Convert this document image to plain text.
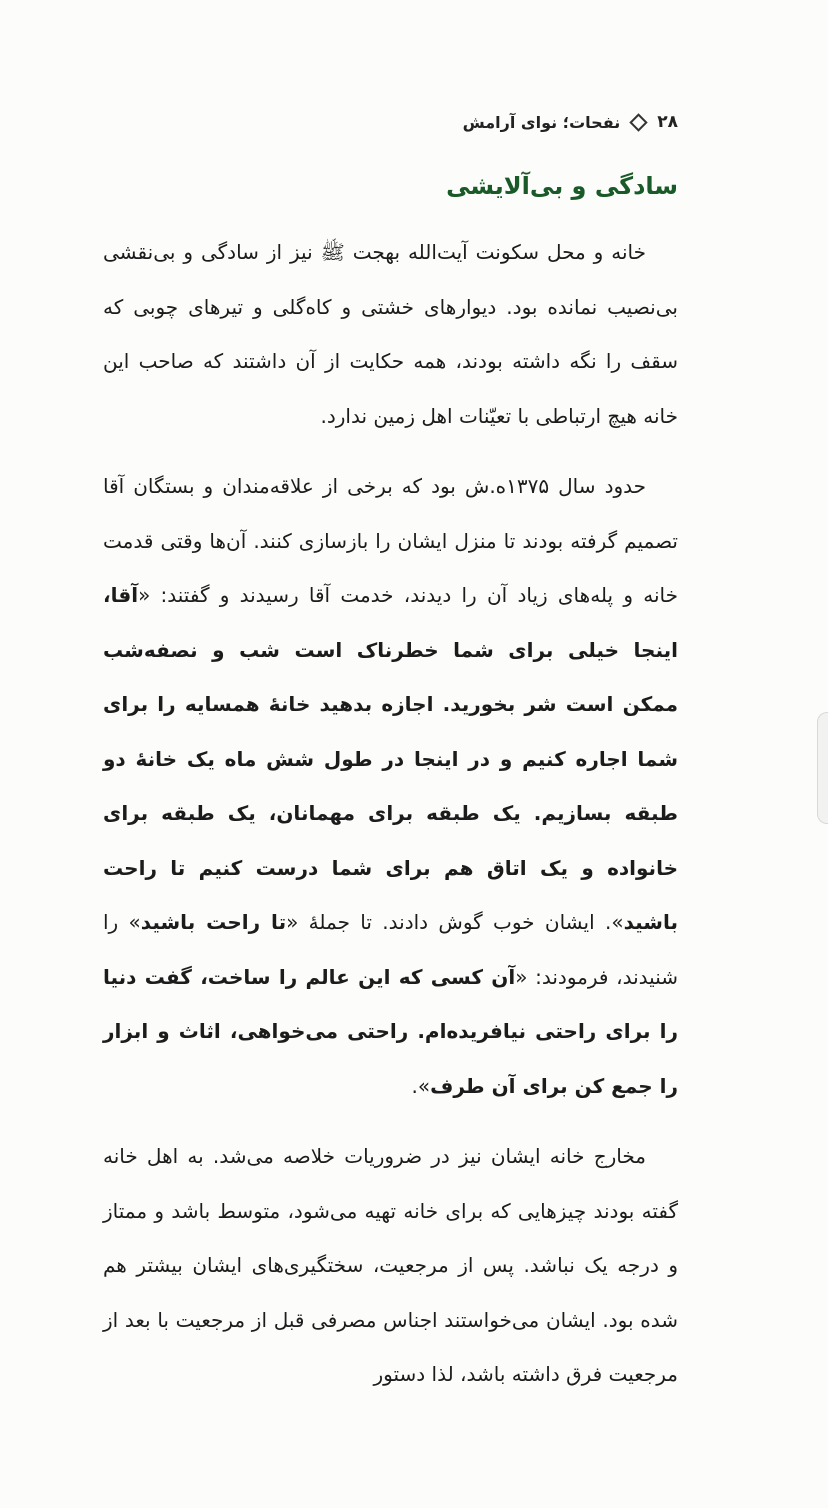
۲۸
نفحات؛ نوای آرامش
سادگی و بی‌آلایشی

خانه و محل سکونت آیت‌الله بهجت ﷺ نیز از سادگی و بی‌نقشی بی‌نصیب نمانده بود. دیوارهای خشتی و کاه‌گلی و تیرهای چوبی که سقف را نگه داشته بودند، همه حکایت از آن داشتند که صاحب این خانه هیچ ارتباطی با تعیّنات اهل زمین ندارد.

حدود سال ۱۳۷۵ه.ش بود که برخی از علاقه‌مندان و بستگان آقا تصمیم گرفته بودند تا منزل ایشان را بازسازی کنند. آن‌ها وقتی قدمت خانه و پله‌های زیاد آن را دیدند، خدمت آقا رسیدند و گفتند: «آقا، اینجا خیلی برای شما خطرناک است شب و نصفه‌شب ممکن است شر بخورید. اجازه بدهید خانهٔ همسایه را برای شما اجاره کنیم و در اینجا در طول شش ماه یک خانهٔ دو طبقه بسازیم. یک طبقه برای مهمانان، یک طبقه برای خانواده و یک اتاق هم برای شما درست کنیم تا راحت باشید». ایشان خوب گوش دادند. تا جملهٔ «تا راحت باشید» را شنیدند، فرمودند: «آن کسی که این عالم را ساخت، گفت دنیا را برای راحتی نیافریده‌ام. راحتی می‌خواهی، اثاث و ابزار را جمع کن برای آن طرف».

مخارج خانه ایشان نیز در ضروریات خلاصه می‌شد. به اهل خانه گفته بودند چیزهایی که برای خانه تهیه می‌شود، متوسط باشد و ممتاز و درجه یک نباشد. پس از مرجعیت، سختگیری‌های ایشان بیشتر هم شده بود. ایشان می‌خواستند اجناس مصرفی قبل از مرجعیت با بعد از مرجعیت فرق داشته باشد، لذا دستور
